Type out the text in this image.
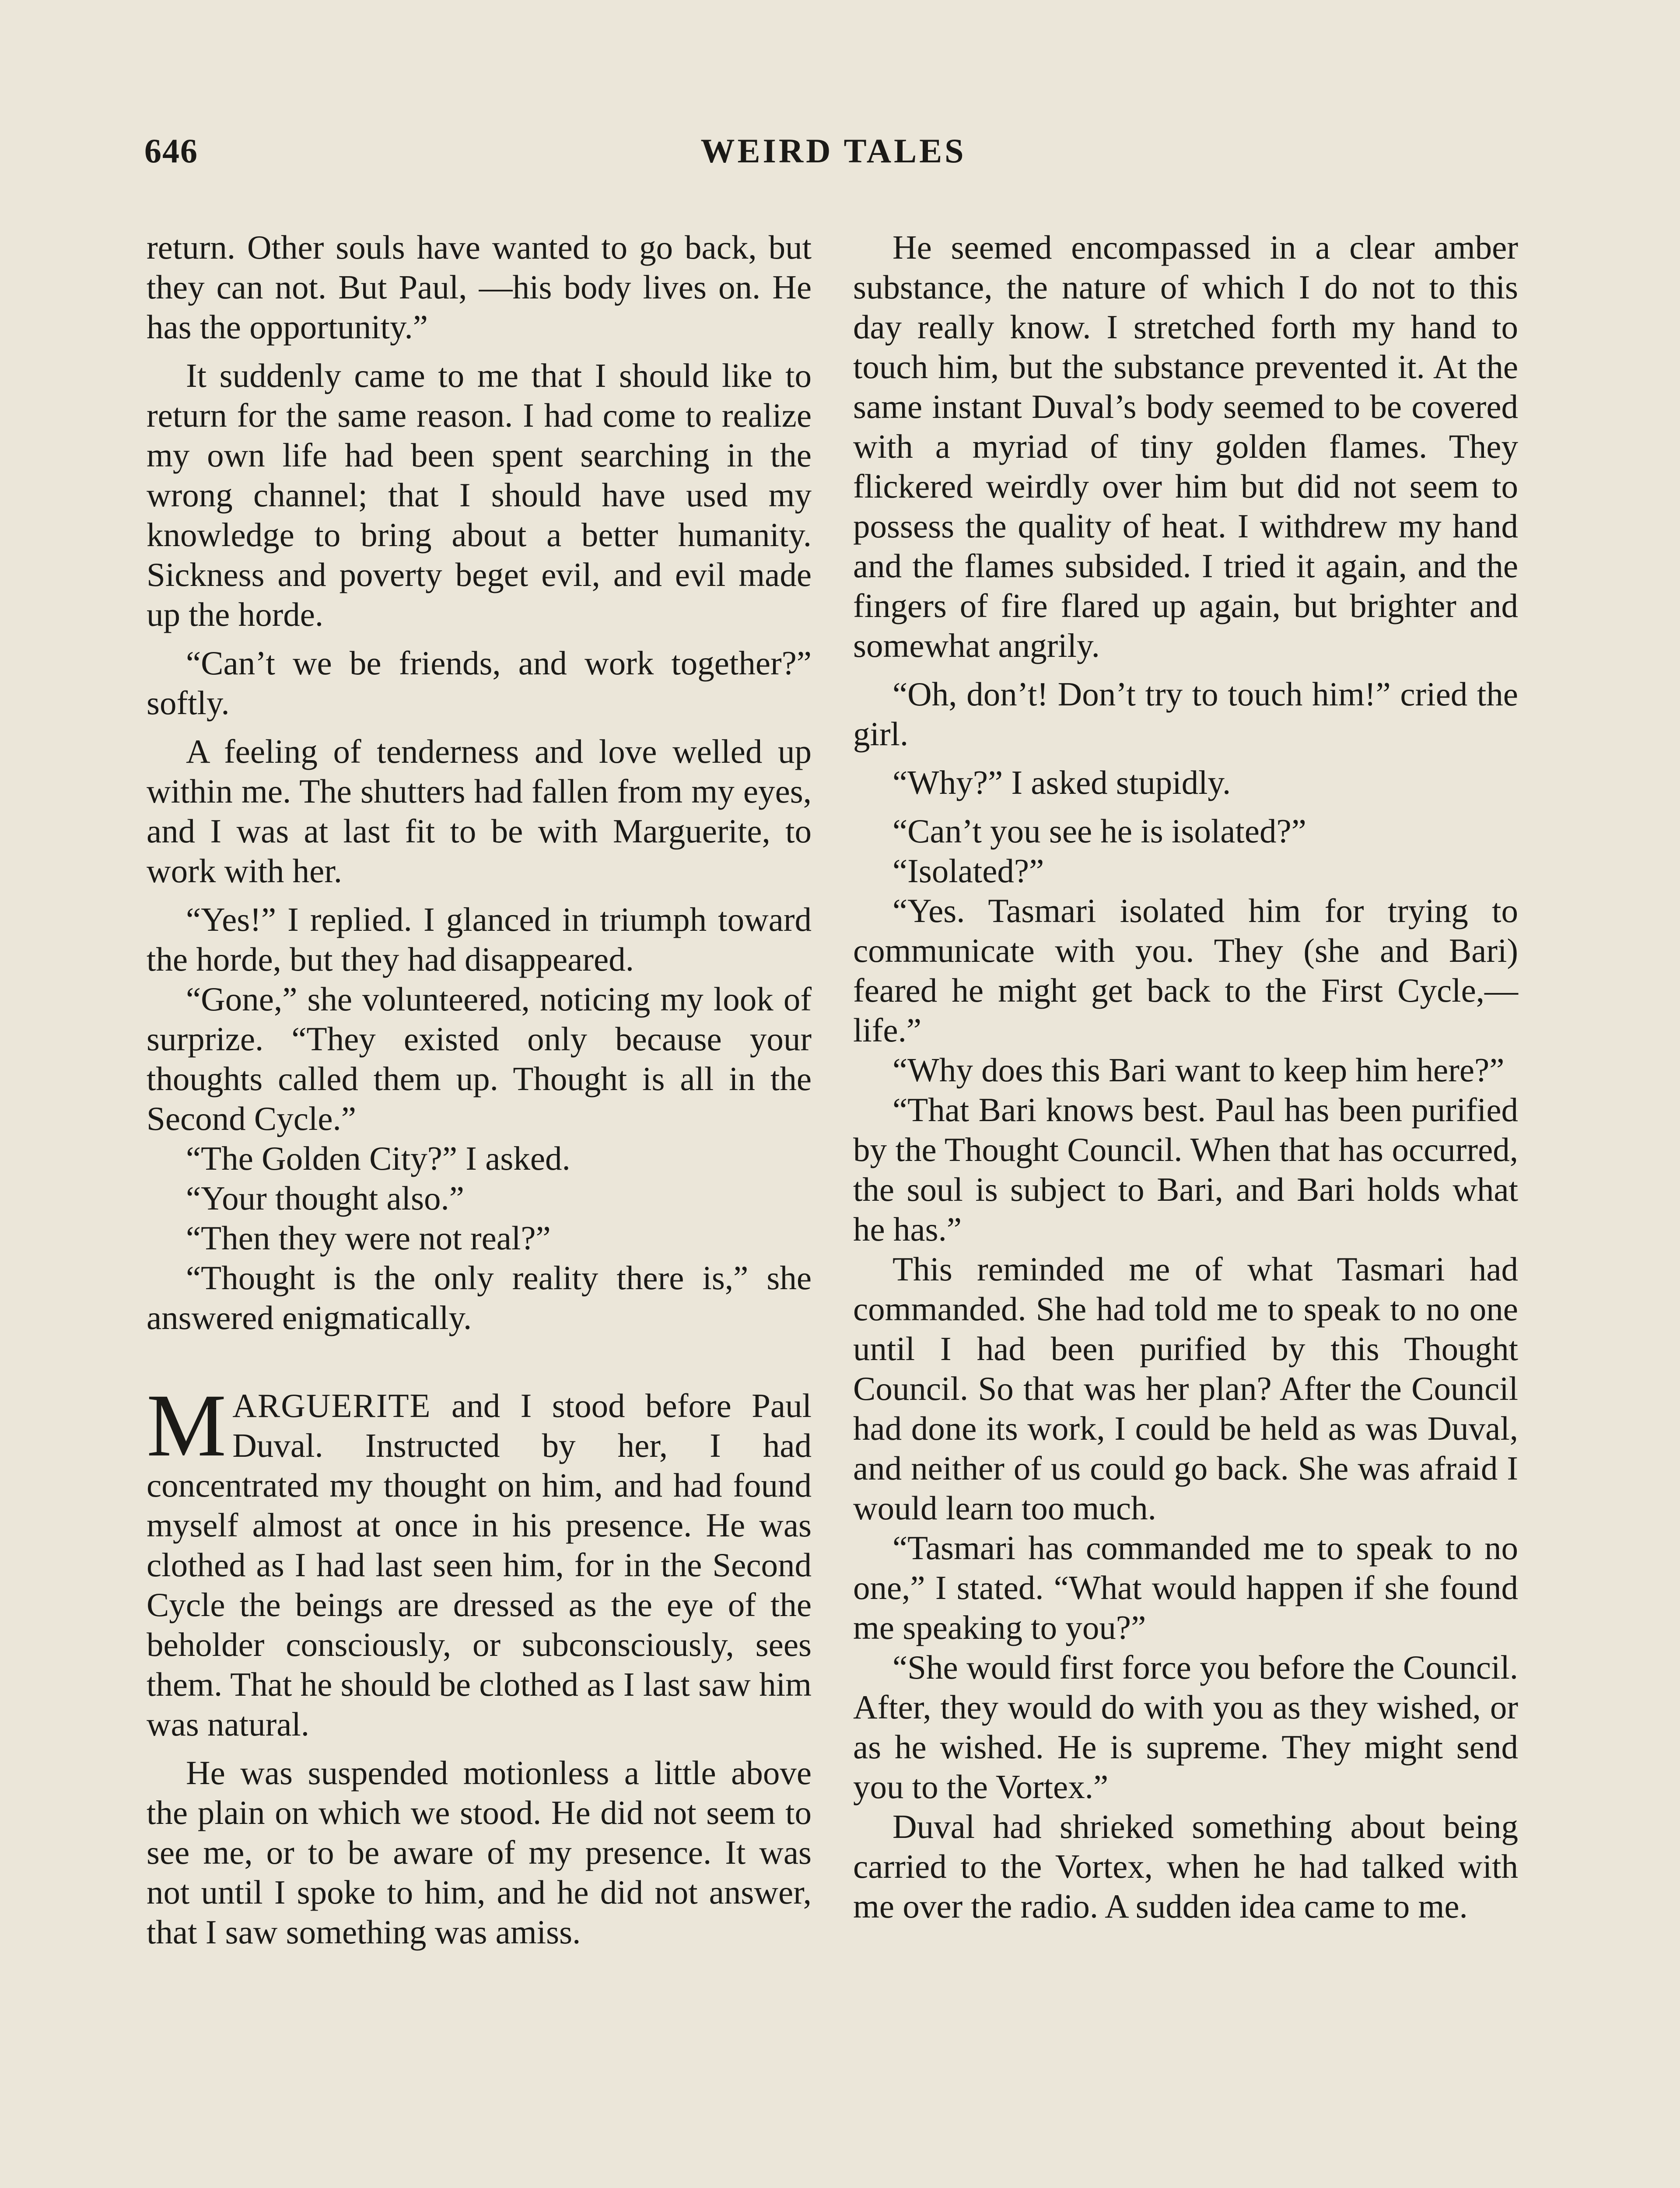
646	WEIRD TALES

return. Other souls have wanted to go back, but they can not. But Paul, —his body lives on. He has the opportunity.”

It suddenly came to me that I should like to return for the same reason. I had come to realize my own life had been spent searching in the wrong channel; that I should have used my knowledge to bring about a better humanity. Sickness and poverty beget evil, and evil made up the horde.

“Can’t we be friends, and work together?” softly.

A feeling of tenderness and love welled up within me. The shutters had fallen from my eyes, and I was at last fit to be with Marguerite, to work with her.

“Yes!” I replied. I glanced in triumph toward the horde, but they had disappeared.

“Gone,” she volunteered, noticing my look of surprize. “They existed only because your thoughts called them up. Thought is all in the Second Cycle.”

“The Golden City?” I asked.

“Your thought also.”

“Then they were not real?”

“Thought is the only reality there is,” she answered enigmatically.

MARGUERITE and I stood before Paul Duval. Instructed by her, I had concentrated my thought on him, and had found myself almost at once in his presence. He was clothed as I had last seen him, for in the Second Cycle the beings are dressed as the eye of the beholder consciously, or subconsciously, sees them. That he should be clothed as I last saw him was natural.

He was suspended motionless a little above the plain on which we stood. He did not seem to see me, or to be aware of my presence. It was not until I spoke to him, and he did not answer, that I saw something was amiss.

He seemed encompassed in a clear amber substance, the nature of which I do not to this day really know. I stretched forth my hand to touch him, but the substance prevented it. At the same instant Duval’s body seemed to be covered with a myriad of tiny golden flames. They flickered weirdly over him but did not seem to possess the quality of heat. I withdrew my hand and the flames subsided. I tried it again, and the fingers of fire flared up again, but brighter and somewhat angrily.

“Oh, don’t! Don’t try to touch him!” cried the girl.

“Why?” I asked stupidly.

“Can’t you see he is isolated?”

“Isolated?”

“Yes. Tasmari isolated him for trying to communicate with you. They (she and Bari) feared he might get back to the First Cycle,—life.”

“Why does this Bari want to keep him here?”

“That Bari knows best. Paul has been purified by the Thought Council. When that has occurred, the soul is subject to Bari, and Bari holds what he has.”

This reminded me of what Tasmari had commanded. She had told me to speak to no one until I had been purified by this Thought Council. So that was her plan? After the Council had done its work, I could be held as was Duval, and neither of us could go back. She was afraid I would learn too much.

“Tasmari has commanded me to speak to no one,” I stated. “What would happen if she found me speaking to you?”

“She would first force you before the Council. After, they would do with you as they wished, or as he wished. He is supreme. They might send you to the Vortex.”

Duval had shrieked something about being carried to the Vortex, when he had talked with me over the radio. A sudden idea came to me.
